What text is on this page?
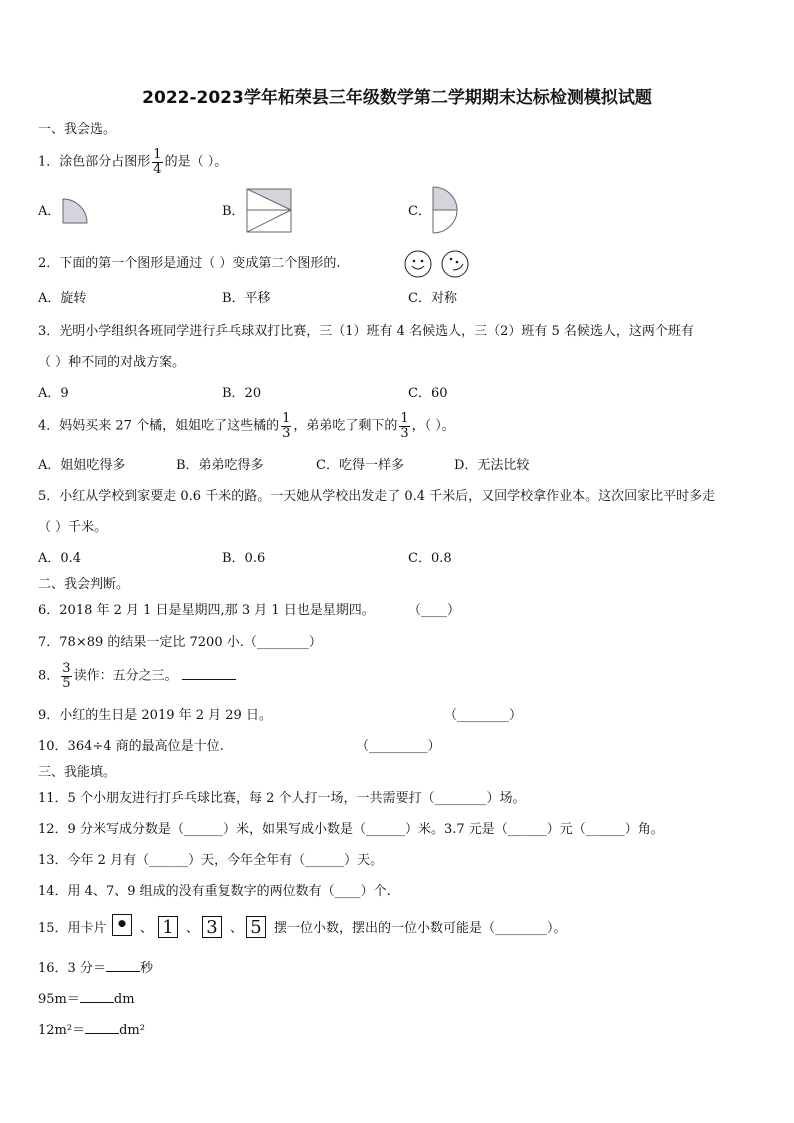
2022-2023学年柘荣县三年级数学第二学期期末达标检测模拟试题
一、我会选。
1．涂色部分占图形 $\frac{1}{4}$ 的是（ ）。
A．	B．	C．
2．下面的第一个图形是通过（ ）变成第二个图形的.
A．旋转	B．平移	C．对称
3．光明小学组织各班同学进行乒乓球双打比赛，三（1）班有 4 名候选人，三（2）班有 5 名候选人，这两个班有
（ ）种不同的对战方案。
A．9	B．20	C．60
4．妈妈买来 27 个橘，姐姐吃了这些橘的 $\frac{1}{3}$ ，弟弟吃了剩下的 $\frac{1}{3}$ ，（ ）。
A．姐姐吃得多	B．弟弟吃得多	C．吃得一样多	D．无法比较
5．小红从学校到家要走 0.6 千米的路。一天她从学校出发走了 0.4 千米后，又回学校拿作业本。这次回家比平时多走
（ ）千米。
A．0.4	B．0.6	C．0.8
二、我会判断。
6．2018 年 2 月 1 日是星期四,那 3 月 1 日也是星期四。	（____）
7．78×89 的结果一定比 7200 小.（________）
8． $\frac{3}{5}$ 读作：五分之三。
9．小红的生日是 2019 年 2 月 29 日。	（________）
10．364÷4 商的最高位是十位.	（_________）
三、我能填。
11．5 个小朋友进行打乒乓球比赛，每 2 个人打一场，一共需要打（________）场。
12．9 分米写成分数是（______）米，如果写成小数是（______）米。3.7 元是（______）元（______）角。
13．今年 2 月有（______）天，今年全年有（______）天。
14．用 4、7、9 组成的没有重复数字的两位数有（____）个.
15．用卡片 • 、 1 、 3 、 5 摆一位小数，摆出的一位小数可能是（________）。
16．3 分＝	秒
95m＝	dm
12m²＝	dm²
